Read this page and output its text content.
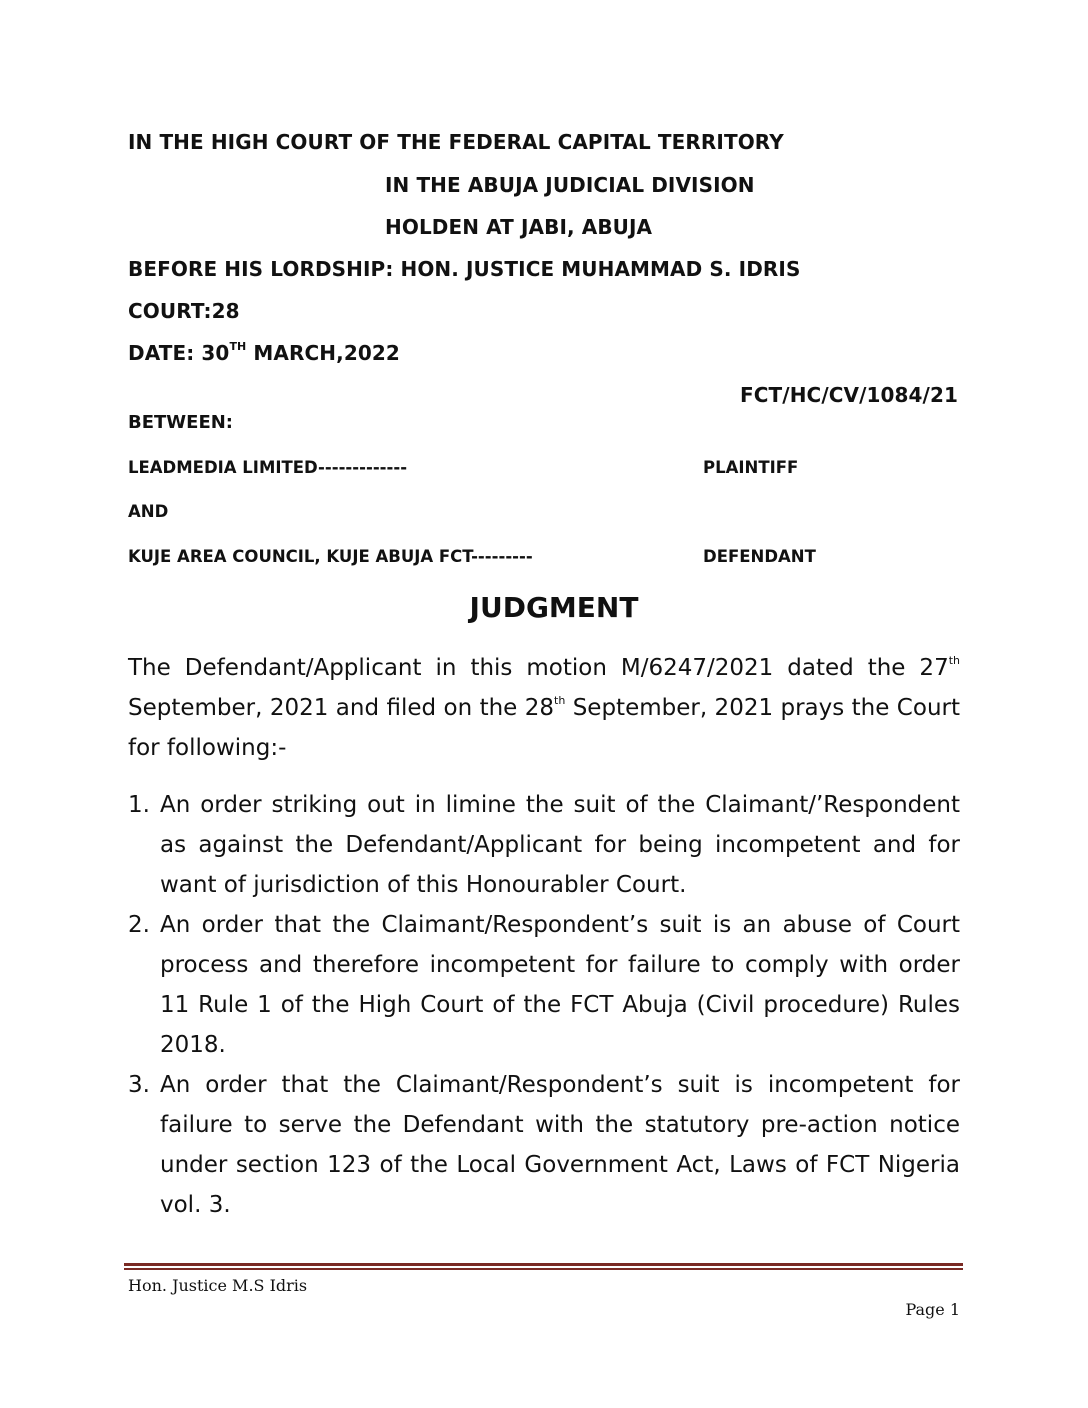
IN THE HIGH COURT OF THE FEDERAL CAPITAL TERRITORY
IN THE ABUJA JUDICIAL DIVISION
HOLDEN AT JABI, ABUJA
BEFORE HIS LORDSHIP: HON. JUSTICE MUHAMMAD S. IDRIS
COURT:28
DATE: 30TH MARCH,2022
FCT/HC/CV/1084/21
BETWEEN:
LEADMEDIA LIMITED-------------	PLAINTIFF
AND
KUJE AREA COUNCIL, KUJE ABUJA FCT---------	DEFENDANT
JUDGMENT
The Defendant/Applicant in this motion M/6247/2021 dated the 27th  September, 2021 and filed on the 28th September, 2021 prays the Court for following:-
1. An order striking out in limine the suit of the Claimant/’Respondent as against the Defendant/Applicant for being incompetent and for want of jurisdiction of this Honourabler Court.
2. An order that the Claimant/Respondent’s suit is an abuse of Court process and therefore incompetent for failure to comply with order 11 Rule 1 of the High Court of the FCT Abuja (Civil procedure) Rules 2018.
3. An order that the Claimant/Respondent’s suit is incompetent for failure to serve the Defendant with the statutory pre-action notice under section 123 of the Local Government Act, Laws of FCT Nigeria vol. 3.
Hon. Justice M.S Idris
Page 1
